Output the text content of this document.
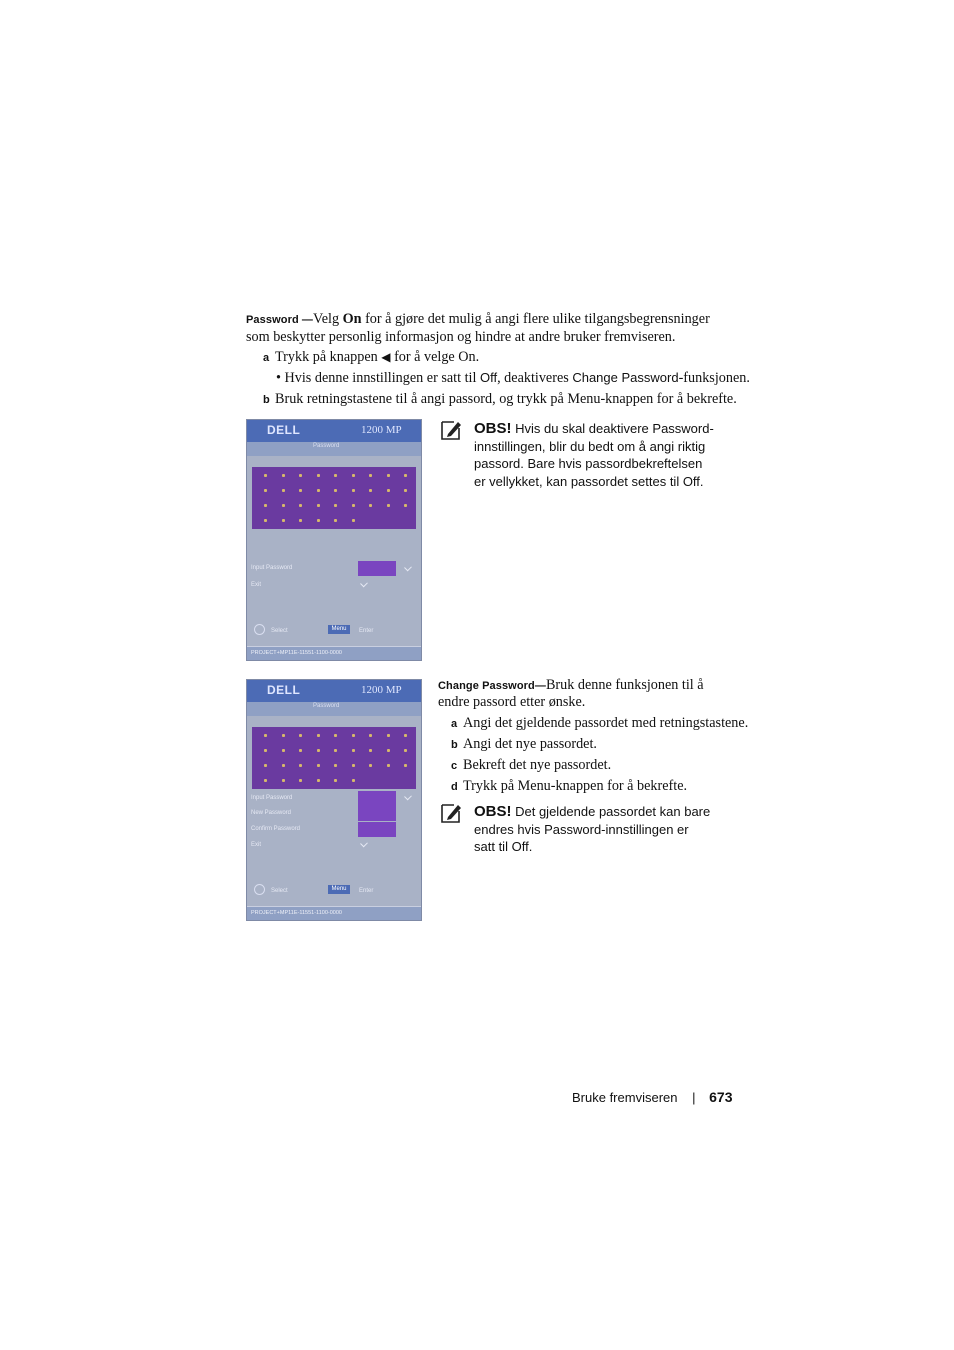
Password —Velg On for å gjøre det mulig å angi flere ulike tilgangsbegrensninger
som beskytter personlig informasjon og hindre at andre bruker fremviseren.
a Trykk på knappen ◀ for å velge On.
• Hvis denne innstillingen er satt til Off, deaktiveres Change Password-funksjonen.
b Bruk retningstastene til å angi passord, og trykk på Menu-knappen for å bekrefte.
DELL	1200 MP
Password
Input Password
Exit
Select	Menu	Enter
PROJECT+MP11E-11551-1100-0000
OBS! Hvis du skal deaktivere Password-
innstillingen, blir du bedt om å angi riktig
passord. Bare hvis passordbekreftelsen
er vellykket, kan passordet settes til Off.
DELL	1200 MP
Password
Input Password
New Password
Confirm Password
Exit
Select	Menu	Enter
PROJECT+MP11E-11551-1100-0000
Change Password—Bruk denne funksjonen til å
endre passord etter ønske.
a Angi det gjeldende passordet med retningstastene.
b Angi det nye passordet.
c Bekreft det nye passordet.
d Trykk på Menu-knappen for å bekrefte.
OBS! Det gjeldende passordet kan bare
endres hvis Password-innstillingen er
satt til Off.
Bruke fremviseren | 673
